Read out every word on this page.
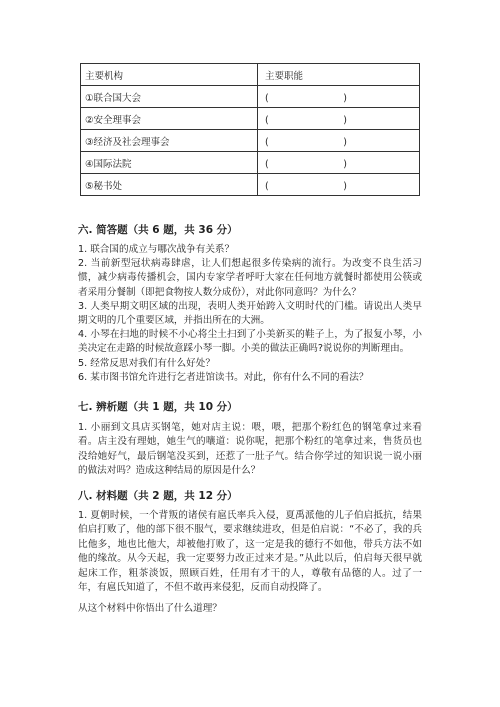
主要机构	主要职能
①联合国大会	( )

②安全理事会	( )

③经济及社会理事会	( )

④国际法院	( )

⑤秘书处	( )
六. 简答题（共 6 题，共 36 分）
1. 联合国的成立与哪次战争有关系？
2. 当前新型冠状病毒肆虐，让人们想起很多传染病的流行。为改变不良生活习惯，减少病毒传播机会，国内专家学者呼吁大家在任何地方就餐时都使用公筷或者采用分餐制（即把食物按人数分成份），对此你同意吗？为什么？
3. 人类早期文明区域的出现，表明人类开始跨入文明时代的门槛。请说出人类早期文明的几个重要区域，并指出所在的大洲。
4. 小琴在扫地的时候不小心将尘土扫到了小美新买的鞋子上，为了报复小琴，小美决定在走路的时候故意踩小琴一脚。小美的做法正确吗?说说你的判断理由。
5. 经常反思对我们有什么好处？
6. 某市图书馆允许进行乞者进馆读书。对此，你有什么不同的看法？
七. 辨析题（共 1 题，共 10 分）

1. 小丽到文具店买钢笔，她对店主说：喂，喂，把那个粉红色的钢笔拿过来看看。店主没有理她，她生气的嚷道：说你呢，把那个粉红的笔拿过来，售货员也没给她好气，最后钢笔没买到，还惹了一肚子气。结合你学过的知识说一说小丽的做法对吗？造成这种结局的原因是什么？

八. 材料题（共 2 题，共 12 分）

1. 夏朝时候，一个背叛的诸侯有扈氏率兵入侵，夏禹派他的儿子伯启抵抗，结果伯启打败了，他的部下很不服气，要求继续进攻，但是伯启说：“不必了，我的兵比他多，地也比他大，却被他打败了，这一定是我的德行不如他，带兵方法不如他的缘故。从今天起，我一定要努力改正过来才是。”从此以后，伯启每天很早就起床工作，粗茶淡饭，照顾百姓，任用有才干的人，尊敬有品德的人。过了一年，有扈氏知道了，不但不敢再来侵犯，反而自动投降了。

从这个材料中你悟出了什么道理？
